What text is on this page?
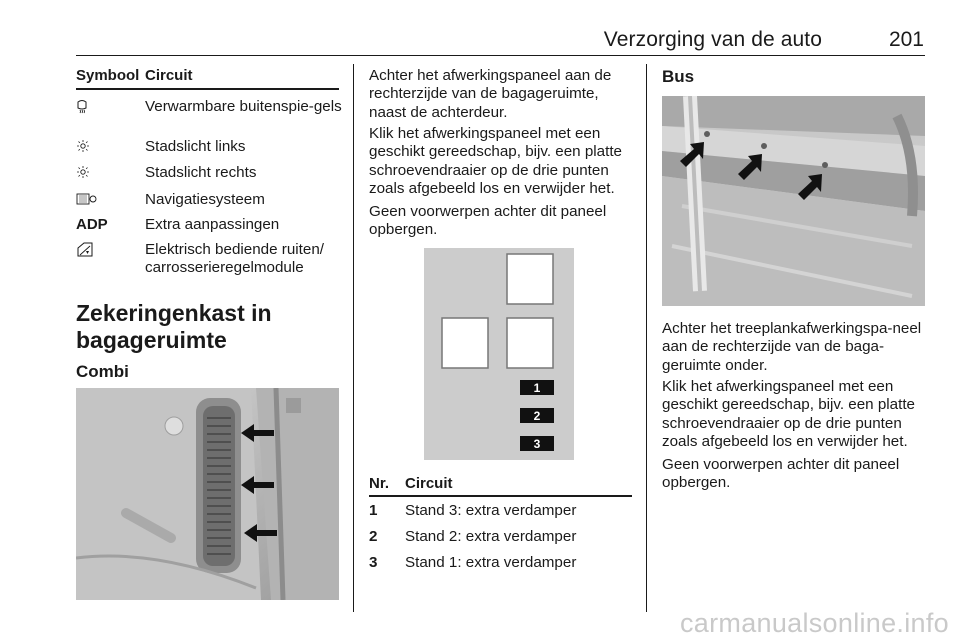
Verzorging van de auto	201
Symbool Circuit
Verwarmbare buitenspie-gels
Stadslicht links
Stadslicht rechts
Navigatiesysteem
ADP Extra aanpassingen
Elektrisch bediende ruiten/ carrosserieregelmodule
Zekeringenkast in bagageruimte
Combi
Achter het afwerkingspaneel aan de rechterzijde van de bagageruimte, naast de achterdeur.
Klik het afwerkingspaneel met een geschikt gereedschap, bijv. een platte schroevendraaier op de drie punten zoals afgebeeld los en verwijder het.
Geen voorwerpen achter dit paneel opbergen.
1
2
3
Nr. Circuit
1 Stand 3: extra verdamper
2 Stand 2: extra verdamper
3 Stand 1: extra verdamper
Bus
Achter het treeplankafwerkingspa-neel aan de rechterzijde van de baga-geruimte onder.
Klik het afwerkingspaneel met een geschikt gereedschap, bijv. een platte schroevendraaier op de drie punten zoals afgebeeld los en verwijder het.
Geen voorwerpen achter dit paneel opbergen.
carmanualsonline.info
